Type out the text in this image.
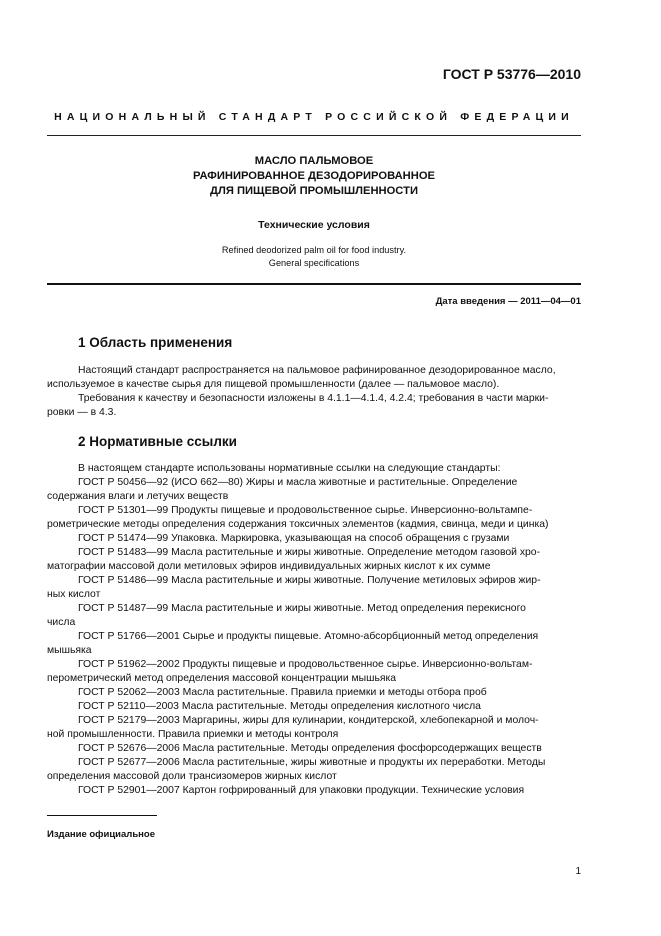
ГОСТ Р 53776—2010
НАЦИОНАЛЬНЫЙ СТАНДАРТ РОССИЙСКОЙ ФЕДЕРАЦИИ
МАСЛО ПАЛЬМОВОЕ
РАФИНИРОВАННОЕ ДЕЗОДОРИРОВАННОЕ
ДЛЯ ПИЩЕВОЙ ПРОМЫШЛЕННОСТИ
Технические условия
Refined deodorized palm oil for food industry.
General specifications
Дата введения — 2011—04—01
1 Область применения
Настоящий стандарт распространяется на пальмовое рафинированное дезодорированное масло,
используемое в качестве сырья для пищевой промышленности (далее — пальмовое масло).
Требования к качеству и безопасности изложены в 4.1.1—4.1.4, 4.2.4; требования в части марки-
ровки — в 4.3.
2 Нормативные ссылки
В настоящем стандарте использованы нормативные ссылки на следующие стандарты:
ГОСТ Р 50456—92 (ИСО 662—80) Жиры и масла животные и растительные. Определение
содержания влаги и летучих веществ
ГОСТ Р 51301—99 Продукты пищевые и продовольственное сырье. Инверсионно-вольтампе-
рометрические методы определения содержания токсичных элементов (кадмия, свинца, меди и цинка)
ГОСТ Р 51474—99 Упаковка. Маркировка, указывающая на способ обращения с грузами
ГОСТ Р 51483—99 Масла растительные и жиры животные. Определение методом газовой хро-
матографии массовой доли метиловых эфиров индивидуальных жирных кислот к их сумме
ГОСТ Р 51486—99 Масла растительные и жиры животные. Получение метиловых эфиров жир-
ных кислот
ГОСТ Р 51487—99 Масла растительные и жиры животные. Метод определения перекисного
числа
ГОСТ Р 51766—2001 Сырье и продукты пищевые. Атомно-абсорбционный метод определения
мышьяка
ГОСТ Р 51962—2002 Продукты пищевые и продовольственное сырье. Инверсионно-вольтам-
перометрический метод определения массовой концентрации мышьяка
ГОСТ Р 52062—2003 Масла растительные. Правила приемки и методы отбора проб
ГОСТ Р 52110—2003 Масла растительные. Методы определения кислотного числа
ГОСТ Р 52179—2003 Маргарины, жиры для кулинарии, кондитерской, хлебопекарной и молоч-
ной промышленности. Правила приемки и методы контроля
ГОСТ Р 52676—2006 Масла растительные. Методы определения фосфорсодержащих веществ
ГОСТ Р 52677—2006 Масла растительные, жиры животные и продукты их переработки. Методы
определения массовой доли трансизомеров жирных кислот
ГОСТ Р 52901—2007 Картон гофрированный для упаковки продукции. Технические условия
Издание официальное
1
